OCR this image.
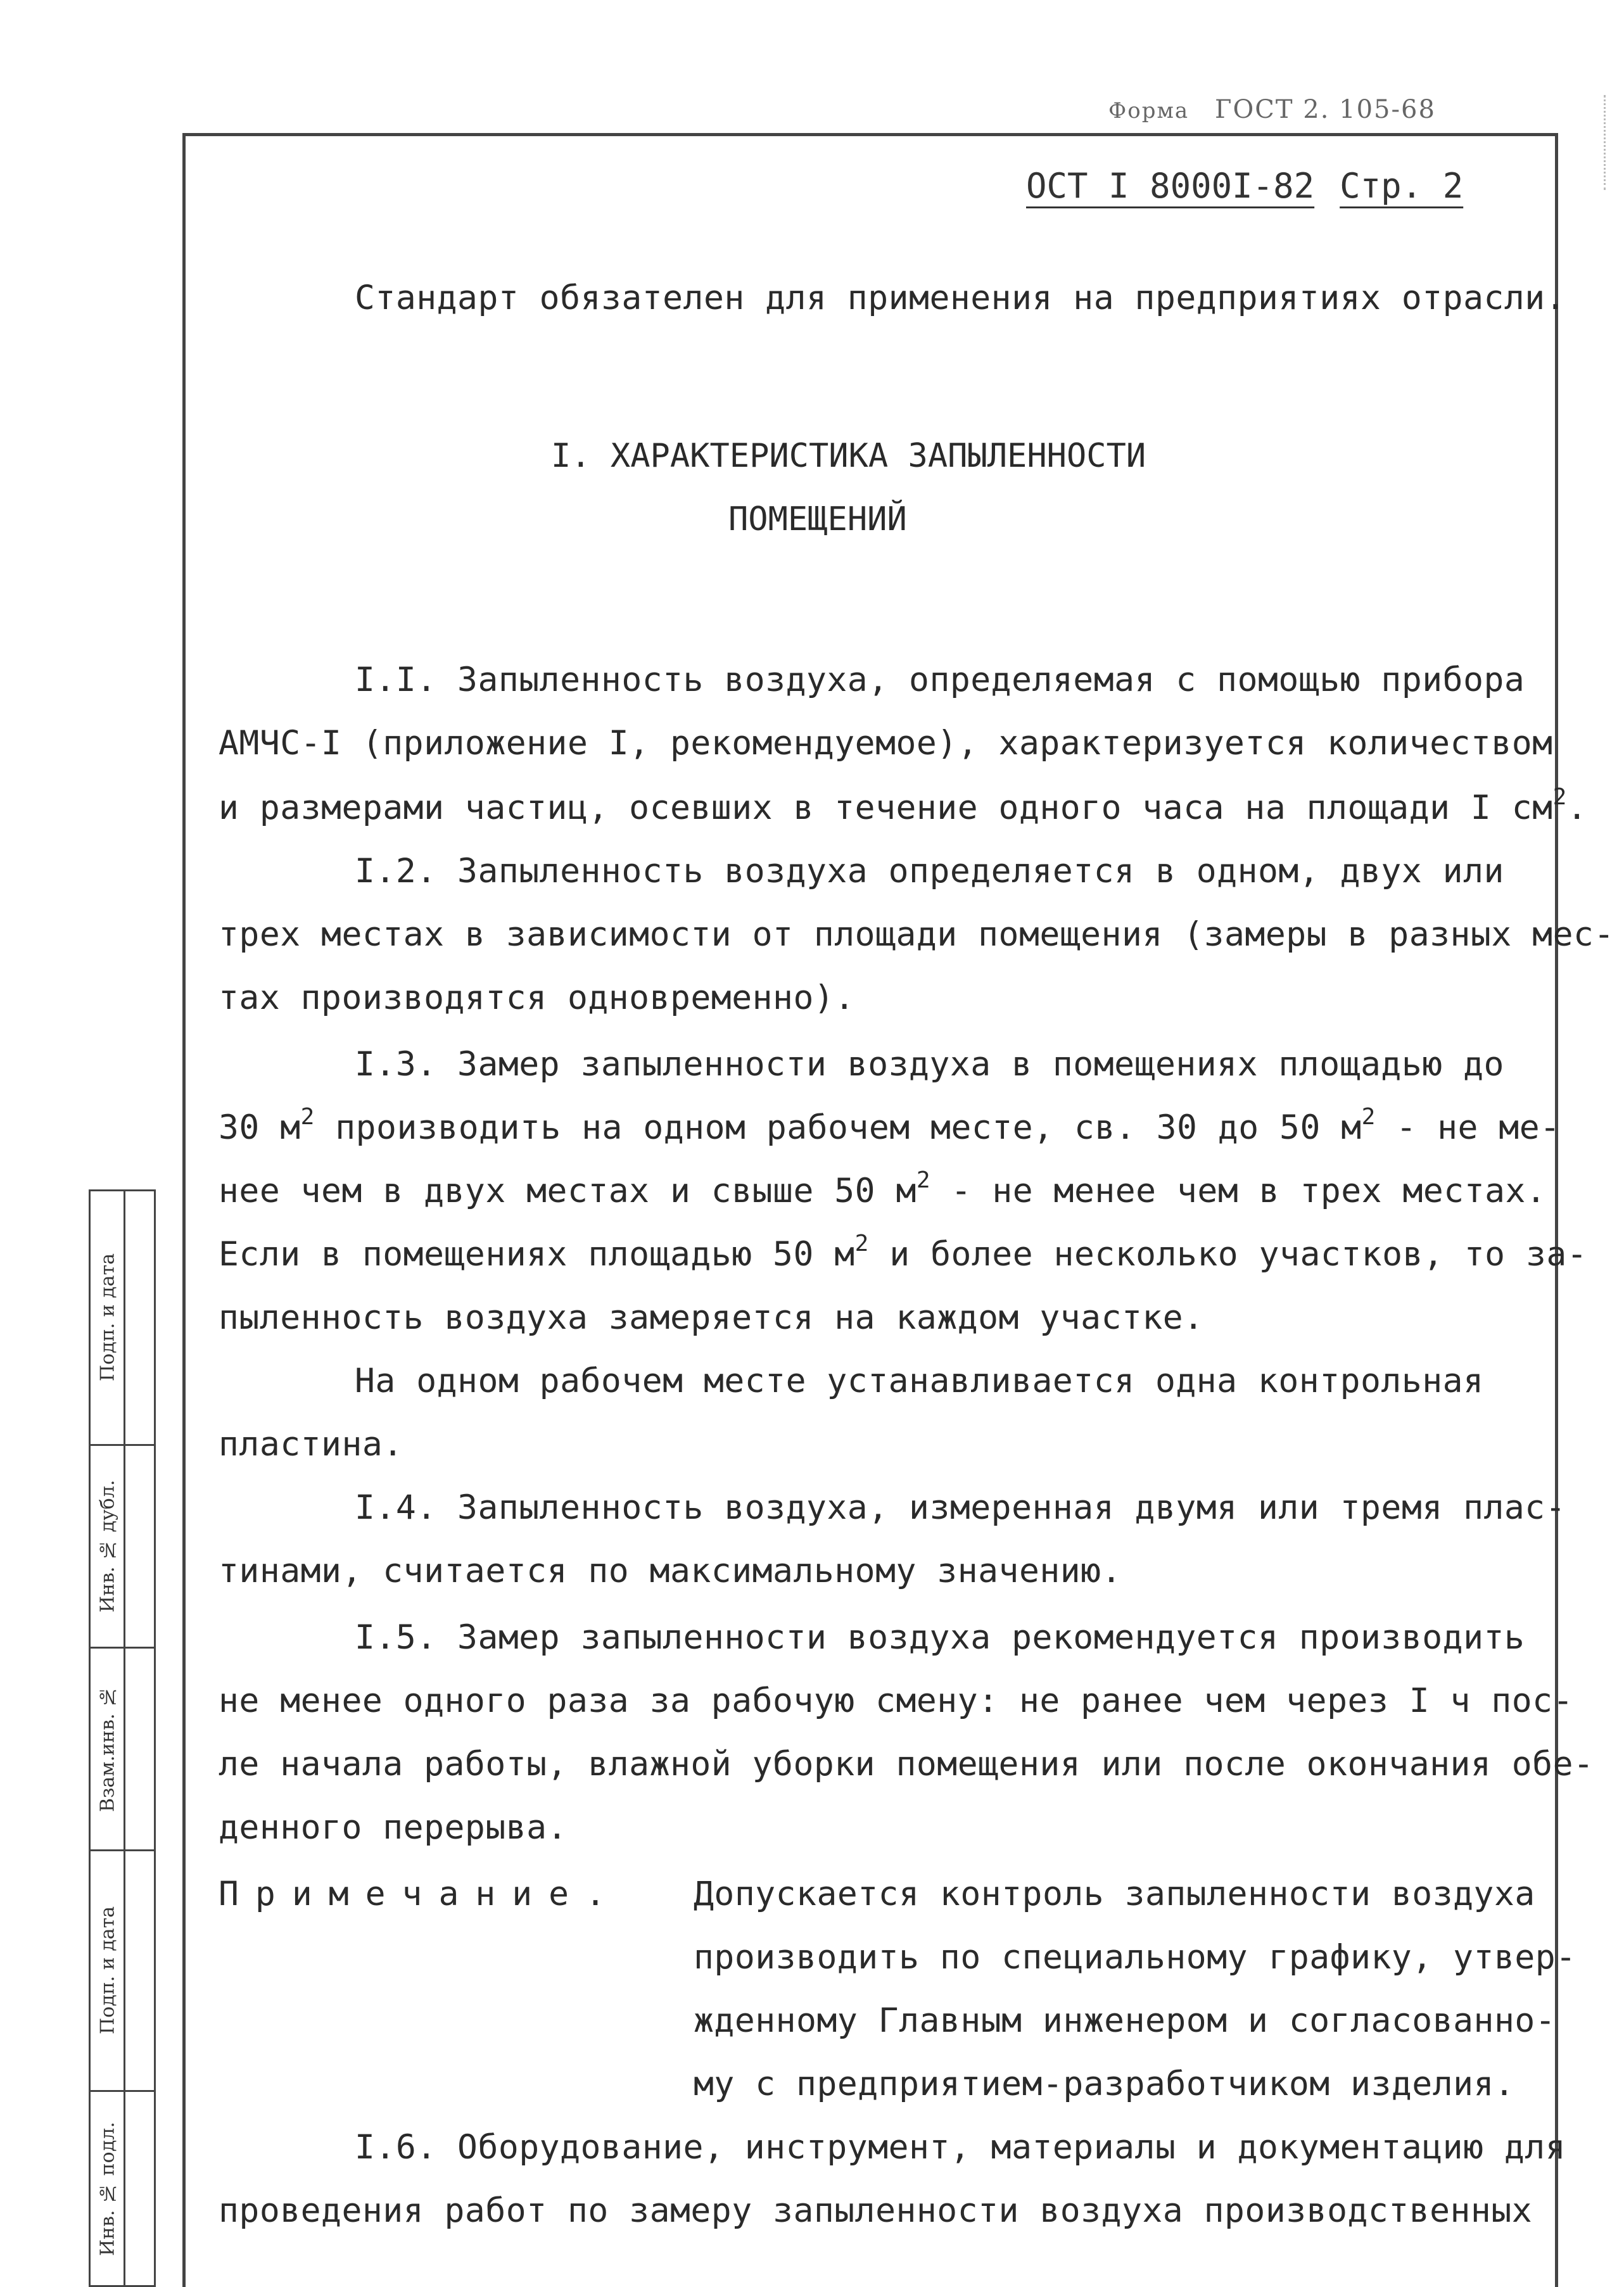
Форма ГОСТ 2. 105-68
ОСТ I 8000I-82 Стр. 2
Стандарт обязателен для применения на предприятиях отрасли.
I. ХАРАКТЕРИСТИКА ЗАПЫЛЕННОСТИ
ПОМЕЩЕНИЙ
I.I. Запыленность воздуха, определяемая с помощью прибора
АМЧС-I (приложение I, рекомендуемое), характеризуется количеством
и размерами частиц, осевших в течение одного часа на площади I $см^2$.
I.2. Запыленность воздуха определяется в одном, двух или
трех местах в зависимости от площади помещения (замеры в разных мес-
тах производятся одновременно).
I.3. Замер запыленности воздуха в помещениях площадью до
30 $м^2$ производить на одном рабочем месте, св. 30 до 50 $м^2$ - не ме-
нее чем в двух местах и свыше 50 $м^2$ - не менее чем в трех местах.
Если в помещениях площадью 50 $м^2$ и более несколько участков, то за-
пыленность воздуха замеряется на каждом участке.
На одном рабочем месте устанавливается одна контрольная
пластина.
I.4. Запыленность воздуха, измеренная двумя или тремя плас-
тинами, считается по максимальному значению.
I.5. Замер запыленности воздуха рекомендуется производить
не менее одного раза за рабочую смену: не ранее чем через I ч пос-
ле начала работы, влажной уборки помещения или после окончания обе-
денного перерыва.
Примечание. Допускается контроль запыленности воздуха
производить по специальному графику, утвер-
жденному Главным инженером и согласованно-
му с предприятием-разработчиком изделия.
I.6. Оборудование, инструмент, материалы и документацию для
проведения работ по замеру запыленности воздуха производственных
Подп. и дата
Инв. № дубл.
Взам.инв. №
Подп. и дата
Инв. № подл.
